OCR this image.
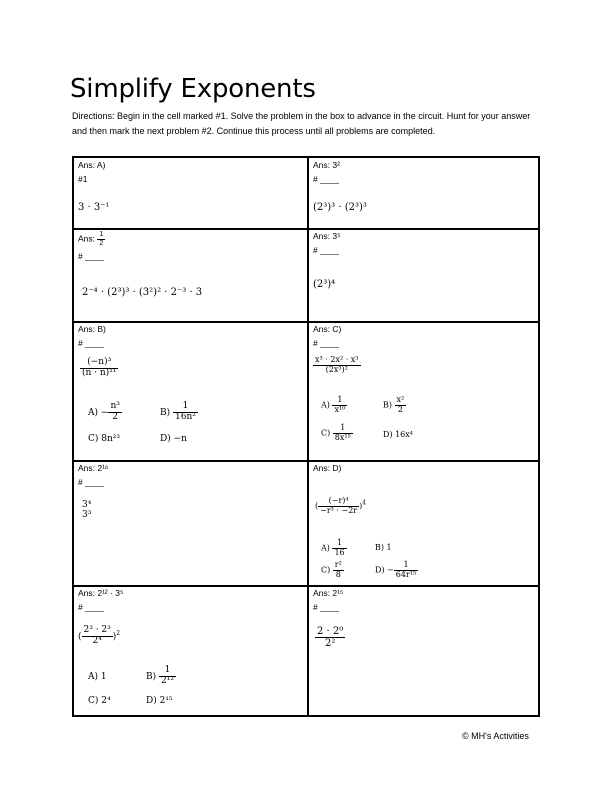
Simplify Exponents
Directions: Begin in the cell marked #1. Solve the problem in the box to advance in the circuit. Hunt for your answer and then mark the next problem #2. Continue this process until all problems are completed.
Ans: A)
#1
3 · 3⁻¹
Ans: 3²
# ____
(2³)³ · (2³)³
Ans: $\frac{1}{2}$
# ____
2⁻⁴ · (2³)³ · (3²)² · 2⁻³ · 3
Ans: 3⁵
# ____
(2³)⁴
Ans: B)
# ____
$\frac{\text{(−n)³}}{\text{(n · n)¹¹}}$
$A) - \frac{\text{n³}}{2}$	$B) \frac{1}{\text{16n²}}$
C) 8n²³	D) −n
Ans: C)
# ____
$\frac{\text{x³ · 2x² · x³}}{\text{(2x³)²}}$
$A) \frac{1}{\text{x¹⁰}}$	$B) \frac{\text{x²}}{2}$
$C) \frac{1}{\text{8x¹⁵}}$	D) 16x⁴
Ans: 2¹⁶
# ____
3⁴
3³
Ans: D)
( $\frac{\text{(−r)⁴}}{\text{−r³ · −2r}} )^4$
$A) \frac{1}{16}$	B) 1
$C) \frac{\text{r²}}{8}$	$D) - \frac{1}{\text{64r¹⁵}}$
Ans: 2¹² · 3⁵
# ____
( $\frac{\text{2³ · 2³}}{\text{2⁴}} )^2$
A) 1	$B) \frac{1}{\text{2¹²}}$
C) 2⁴	D) 2¹⁵
Ans: 2¹⁵
# ____
$\frac{\text{2 · 2⁰}}{\text{2²}}$
© MH's Activities
